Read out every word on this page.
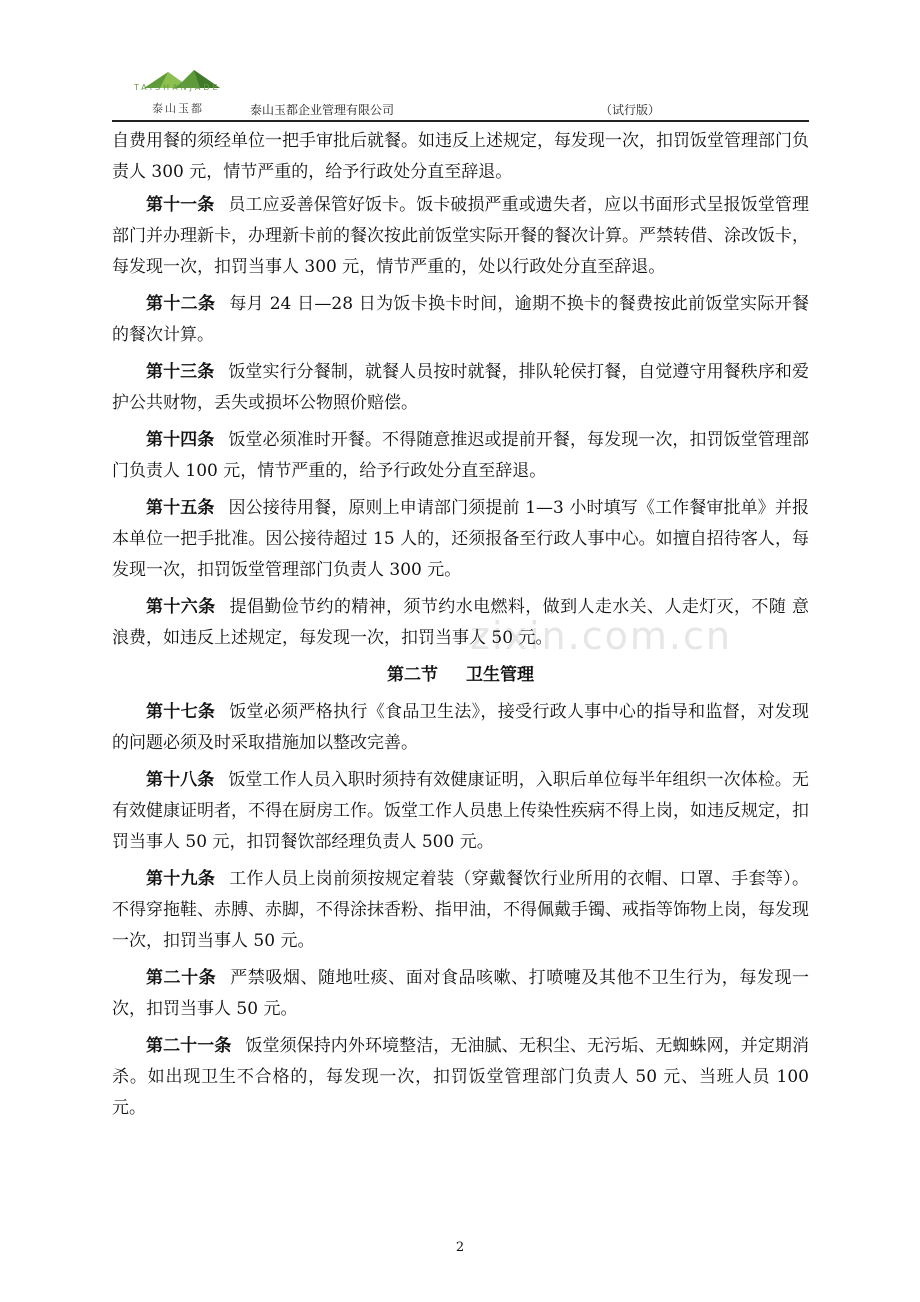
TAISHANJADE
泰山玉都	泰山玉都企业管理有限公司	（试行版）
zixin.com.cn

自费用餐的须经单位一把手审批后就餐。如违反上述规定，每发现一次，扣罚饭堂管理部门负责人 300 元，情节严重的，给予行政处分直至辞退。

第十一条 员工应妥善保管好饭卡。饭卡破损严重或遗失者，应以书面形式呈报饭堂管理部门并办理新卡，办理新卡前的餐次按此前饭堂实际开餐的餐次计算。严禁转借、涂改饭卡，每发现一次，扣罚当事人 300 元，情节严重的，处以行政处分直至辞退。

第十二条 每月 24 日—28 日为饭卡换卡时间，逾期不换卡的餐费按此前饭堂实际开餐的餐次计算。

第十三条 饭堂实行分餐制，就餐人员按时就餐，排队轮侯打餐，自觉遵守用餐秩序和爱护公共财物，丢失或损坏公物照价赔偿。

第十四条 饭堂必须准时开餐。不得随意推迟或提前开餐，每发现一次，扣罚饭堂管理部门负责人 100 元，情节严重的，给予行政处分直至辞退。

第十五条 因公接待用餐，原则上申请部门须提前 1—3 小时填写《工作餐审批单》并报本单位一把手批准。因公接待超过 15 人的，还须报备至行政人事中心。如擅自招待客人，每发现一次，扣罚饭堂管理部门负责人 300 元。

第十六条 提倡勤俭节约的精神，须节约水电燃料，做到人走水关、人走灯灭，不随 意浪费，如违反上述规定，每发现一次，扣罚当事人 50 元。

第二节 卫生管理

第十七条 饭堂必须严格执行《食品卫生法》，接受行政人事中心的指导和监督，对发现的问题必须及时采取措施加以整改完善。

第十八条 饭堂工作人员入职时须持有效健康证明，入职后单位每半年组织一次体检。无有效健康证明者，不得在厨房工作。饭堂工作人员患上传染性疾病不得上岗，如违反规定，扣罚当事人 50 元，扣罚餐饮部经理负责人 500 元。

第十九条 工作人员上岗前须按规定着装（穿戴餐饮行业所用的衣帽、口罩、手套等）。不得穿拖鞋、赤膊、赤脚，不得涂抹香粉、指甲油，不得佩戴手镯、戒指等饰物上岗，每发现一次，扣罚当事人 50 元。

第二十条 严禁吸烟、随地吐痰、面对食品咳嗽、打喷嚏及其他不卫生行为，每发现一次，扣罚当事人 50 元。

第二十一条 饭堂须保持内外环境整洁，无油腻、无积尘、无污垢、无蜘蛛网，并定期消杀。如出现卫生不合格的，每发现一次，扣罚饭堂管理部门负责人 50 元、当班人员 100 元。

2
